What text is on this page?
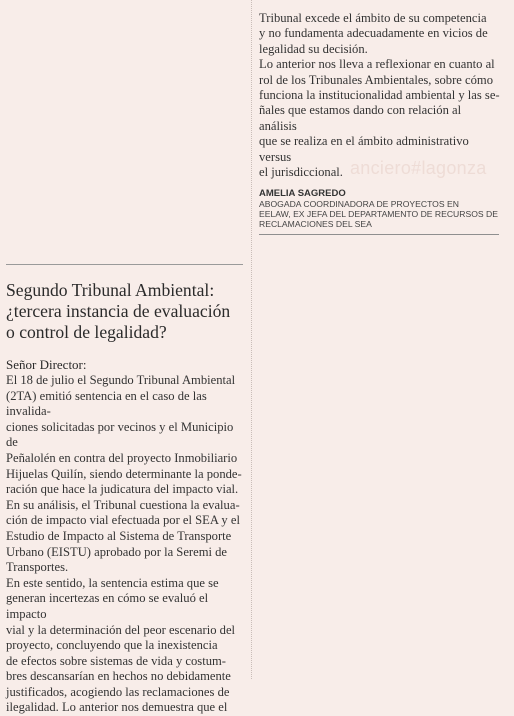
Tribunal excede el ámbito de su competencia

y no fundamenta adecuadamente en vicios de

legalidad su decisión.

Lo anterior nos lleva a reflexionar en cuanto al

rol de los Tribunales Ambientales, sobre cómo

funciona la institucionalidad ambiental y las se-

ñales que estamos dando con relación al análisis

que se realiza en el ámbito administrativo versus

anciero#lagonza
el jurisdiccional.

AMELIA SAGREDO
ABOGADA COORDINADORA DE PROYECTOS EN
EELAW, EX JEFA DEL DEPARTAMENTO DE RECURSOS DE
RECLAMACIONES DEL SEA
Segundo Tribunal Ambiental:
¿tercera instancia de evaluación
o control de legalidad?

Señor Director:

El 18 de julio el Segundo Tribunal Ambiental

(2TA) emitió sentencia en el caso de las invalida-

ciones solicitadas por vecinos y el Municipio de

Peñalolén en contra del proyecto Inmobiliario

Hijuelas Quilín, siendo determinante la ponde-

ración que hace la judicatura del impacto vial.

En su análisis, el Tribunal cuestiona la evalua-

ción de impacto vial efectuada por el SEA y el

Estudio de Impacto al Sistema de Transporte

Urbano (EISTU) aprobado por la Seremi de

Transportes.

En este sentido, la sentencia estima que se

generan incertezas en cómo se evaluó el impacto

vial y la determinación del peor escenario del

proyecto, concluyendo que la inexistencia

de efectos sobre sistemas de vida y costum-

bres descansarían en hechos no debidamente

justificados, acogiendo las reclamaciones de

ilegalidad. Lo anterior nos demuestra que el
